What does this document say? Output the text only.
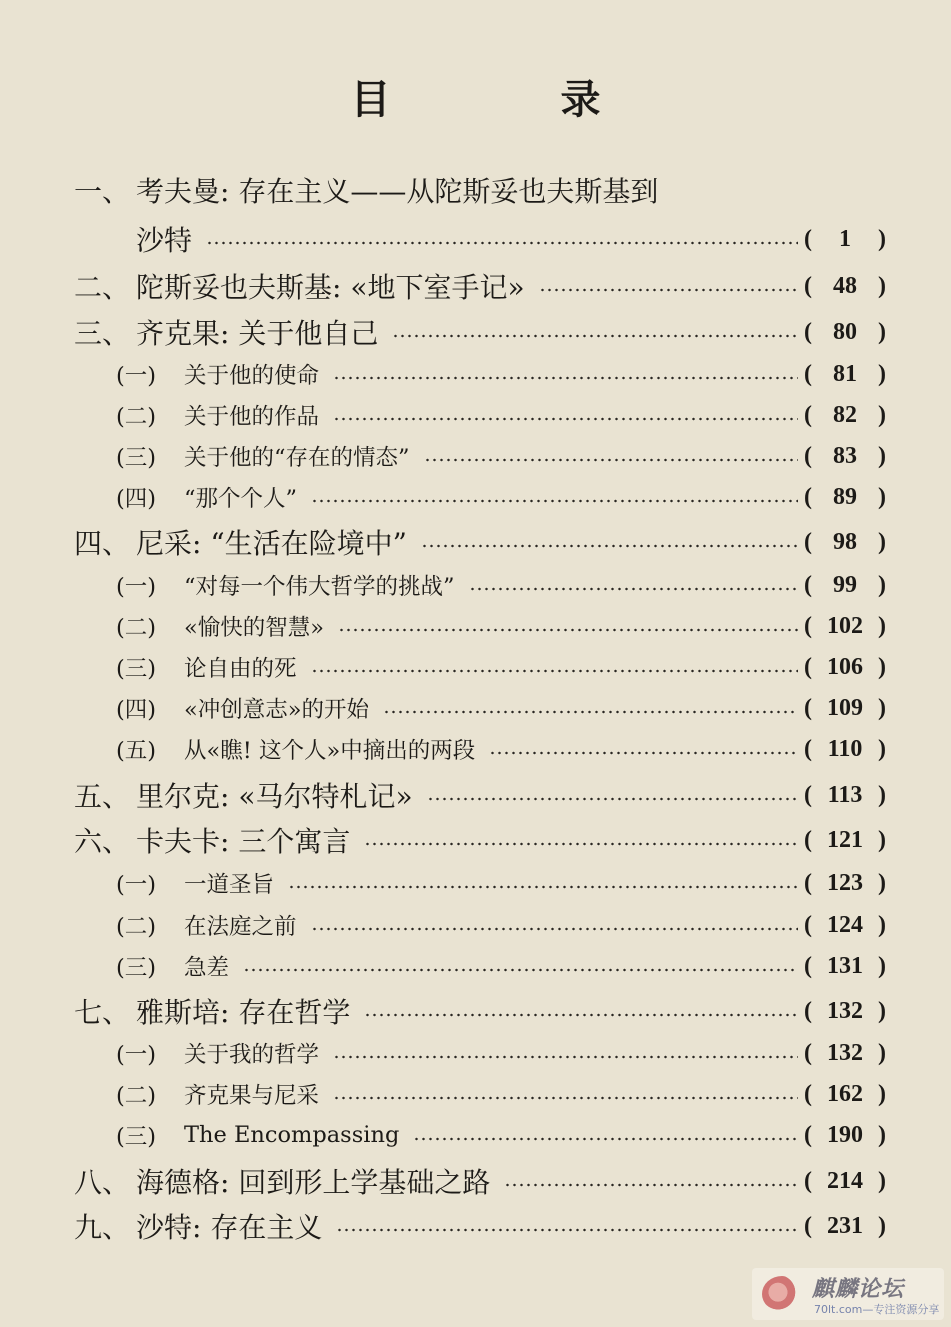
目 录
一、 考夫曼: 存在主义——从陀斯妥也夫斯基到
沙特	(	1	)
二、 陀斯妥也夫斯基: «地下室手记»	( 48 )
三、 齐克果: 关于他自己	( 80 )
(一)	关于他的使命	( 81 )
(二)	关于他的作品	( 82 )
(三)	关于他的“存在的情态”	( 83 )
(四)	“那个个人”	( 89 )
四、 尼采: “生活在险境中”	( 98 )
(一)	“对每一个伟大哲学的挑战”	( 99 )
(二)	«愉快的智慧»	( 102 )
(三)	论自由的死	( 106 )
(四)	«冲创意志»的开始	( 109 )
(五)	从«瞧! 这个人»中摘出的两段	( 110 )
五、 里尔克: «马尔特札记»	( 113 )
六、 卡夫卡: 三个寓言	( 121 )
(一)	一道圣旨	( 123 )
(二)	在法庭之前	( 124 )
(三)	急差	( 131 )
七、 雅斯培: 存在哲学	( 132 )
(一)	关于我的哲学	( 132 )
(二)	齐克果与尼采	( 162 )
(三)	The Encompassing	( 190 )
八、 海德格: 回到形上学基础之路	( 214 )
九、 沙特: 存在主义	( 231 )
麒麟论坛
70lt.com—专注资源分享
